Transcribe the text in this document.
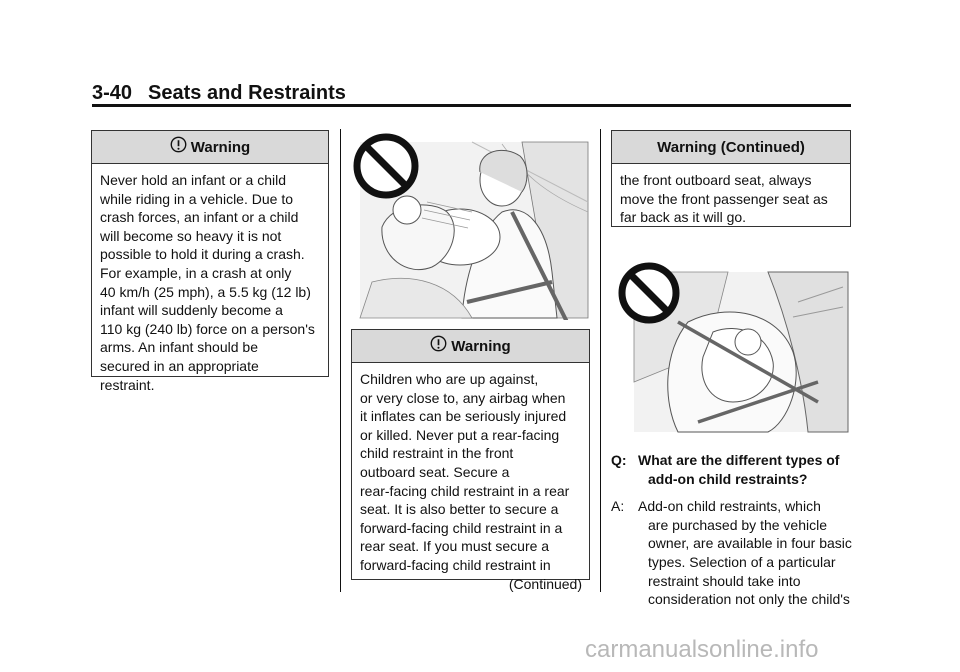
3-40 Seats and Restraints
Warning
Never hold an infant or a child
while riding in a vehicle. Due to
crash forces, an infant or a child
will become so heavy it is not
possible to hold it during a crash.
For example, in a crash at only
40 km/h (25 mph), a 5.5 kg (12 lb)
infant will suddenly become a
110 kg (240 lb) force on a person's
arms. An infant should be
secured in an appropriate
restraint.
Warning
Children who are up against,
or very close to, any airbag when
it inflates can be seriously injured
or killed. Never put a rear-facing
child restraint in the front
outboard seat. Secure a
rear-facing child restraint in a rear
seat. It is also better to secure a
forward-facing child restraint in a
rear seat. If you must secure a
forward-facing child restraint in
(Continued)
Warning (Continued)
the front outboard seat, always
move the front passenger seat as
far back as it will go.
Q: What are the different types of
add-on child restraints?
A: Add-on child restraints, which
are purchased by the vehicle
owner, are available in four basic
types. Selection of a particular
restraint should take into
consideration not only the child's
carmanualsonline.info
